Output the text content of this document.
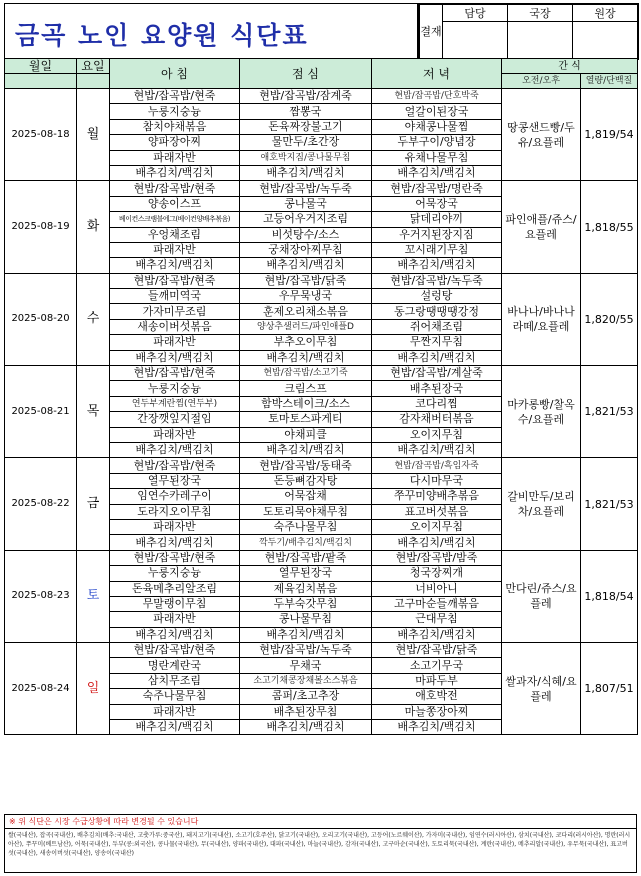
금곡 노인 요양원 식단표	결재	담당	국장	원장

월일	요일	아 침	점 심	저 녁	간 식	
					오전/오후	열량/단백질
2025-08-18	월	현밥/잡곡밥/현죽	현밥/잡곡밥/잠계죽	현밥/잡곡밥/단호박죽	땅콩샌드빵/두유/요플레	1,819/54
		누룽지숭늉	짬뽕국	얼갈이된장국		
		참치야채볶음	돈육짜장불고기	야채콩나물찜		
		양파장아찌	물만두/초간장	두부구이/양념장		
		파래자반	애호박지짐/콩나물무침	유채나물무침		
		배추김치/백김치	배추김치/백김치	배추김치/백김치		
2025-08-19	화	현밥/잡곡밥/현죽	현밥/잡곡밥/녹두죽	현밥/잡곡밥/명란죽	파인애플/쥬스/요플레	1,818/55
		양송이스프	콩나물국	어묵장국		
		베이컨스크램블에그(베이컨양배추볶음)	고등어우거지조림	닭데리야끼		
		우엉채조림	비섯탕수/소스	우거지된장지짐		
		파래자반	궁채장아찌무침	꼬시래기무침		
		배추김치/백김치	배추김치/백김치	배추김치/백김치		
2025-08-20	수	현밥/잡곡밥/현죽	현밥/잡곡밥/닭죽	현밥/잡곡밥/녹두죽	바나나/바나나라떼/요플레	1,820/55
		들깨미역국	우무묵냉국	설렁탕		
		가자미무조림	훈제오리채소볶음	동그랑땡땡땡강정		
		새송이버섯볶음	양상추샐러드/파인애플D	쥐어채조림		
		파래자반	부추오이무침	무짠지무침		
		배추김치/백김치	배추김치/백김치	배추김치/백김치		
2025-08-21	목	현밥/잡곡밥/현죽	현밥/잡곡밥/소고기죽	현밥/잡곡밥/계살죽	마카롱빵/찰옥수/요플레	1,821/53
		누룽지숭늉	크림스프	배추된장국		
		연두부계란찜(연두부)	함박스테이크/소스	코다리찜		
		간장깻잎지절임	토마토스파게티	감자채버터볶음		
		파래자반	야채피클	오이지무침		
		배추김치/백김치	배추김치/백김치	배추김치/백김치		
2025-08-22	금	현밥/잡곡밥/현죽	현밥/잡곡밥/동태죽	현밥/잡곡밥/흑임자죽	갈비만두/보리차/요플레	1,821/53
		열무된장국	돈등뼈감자탕	다시마무국		
		임연수카레구이	어묵잡채	쭈꾸미양배추볶음		
		도라지오이무침	도토리묵야채무침	표고버섯볶음		
		파래자반	숙주나물무침	오이지무침		
		배추김치/백김치	깍두기/배추김치/백김치	배추김치/백김치		
2025-08-23	토	현밥/잡곡밥/현죽	현밥/잡곡밥/팥죽	현밥/잡곡밥/밤죽	만다린/쥬스/요플레	1,818/54
		누룽지숭늉	열무된장국	청국장찌개		
		돈육메추리알조림	제육김치볶음	너비아니		
		무말랭이무침	두부숙갓무침	고구마순들깨볶음		
		파래자반	콩나물무침	근대무침		
		배추김치/백김치	배추김치/백김치	배추김치/백김치		
2025-08-24	일	현밥/잡곡밥/현죽	현밥/잡곡밥/녹두죽	현밥/잡곡밥/닭죽	쌀과자/식혜/요플레	1,807/51
		명란계란국	무채국	소고기무국		
		삼치무조림	소고기채콩장채볼소스볶음	마파두부		
		숙주나물무침	콤퍼/초고추장	애호박전		
		파래자반	배추된장무침	마늘쫑장아찌		
		배추김치/백김치	배추김치/백김치	배추김치/백김치		
※ 위 식단은 시장 수급상황에 따라 변경될 수 있습니다
쌀(국내산), 잡곡(국내산), 배추김치(배추:국내산, 고춧가루:중국산), 돼지고기(국내산), 소고기(호주산), 닭고기(국내산), 오리고기(국내산), 고등어(노르웨이산), 가자미(국내산), 임연수(러시아산), 삼치(국내산), 코다리(러시아산), 명란(러시아산), 쭈꾸미(베트남산), 어묵(국내산), 두부(콩:외국산), 콩나물(국내산), 무(국내산), 양파(국내산), 대파(국내산), 마늘(국내산), 감자(국내산), 고구마순(국내산), 도토리묵(국내산), 계란(국내산), 메추리알(국내산), 우무묵(국내산), 표고버섯(국내산), 새송이버섯(국내산), 양송이(국내산)
